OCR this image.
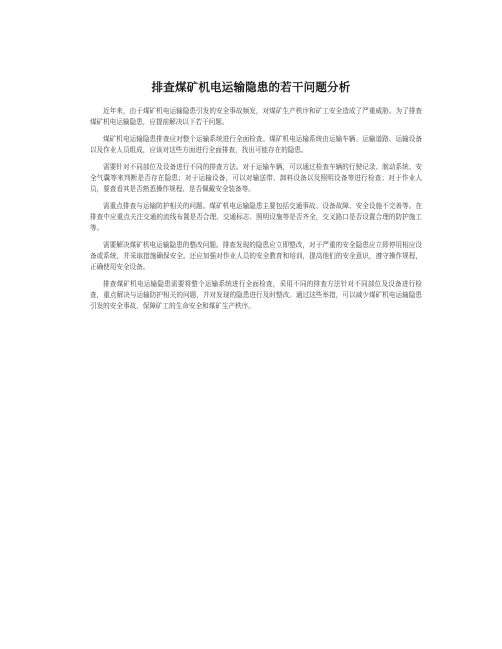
排查煤矿机电运输隐患的若干问题分析

近年来，由于煤矿机电运输隐患引发的安全事故频发，对煤矿生产秩序和矿工安全造成了严重威胁。为了排查煤矿机电运输隐患，应提前解决以下若干问题。

煤矿机电运输隐患排查应对整个运输系统进行全面检查。煤矿机电运输系统由运输车辆、运输道路、运输设备以及作业人员组成，应该对这些方面进行全面排查，找出可能存在的隐患。

需要针对不同部位及设备进行不同的排查方法。对于运输车辆，可以通过检查车辆的行驶记录、制动系统、安全气囊等来判断是否存在隐患；对于运输设备，可以对输送带、卸料设备以及照明设备等进行检查；对于作业人员，要查看其是否熟悉操作规程、是否佩戴安全装备等。

需重点排查与运输防护相关的问题。煤矿机电运输隐患主要包括交通事故、设备故障、安全设施不完善等。在排查中应重点关注交通的流线布置是否合理、交通标志、照明设施等是否齐全，交叉路口是否设置合理的防护施工等。

需要解决煤矿机电运输隐患的整改问题。排查发现的隐患应立即整改，对于严重的安全隐患应立即停用相应设备或系统，并采取措施确保安全。还应加强对作业人员的安全教育和培训，提高他们的安全意识，遵守操作规程，正确使用安全设备。

排查煤矿机电运输隐患需要将整个运输系统进行全面检查，采用不同的排查方法针对不同部位及设备进行检查，重点解决与运输防护相关的问题，并对发现的隐患进行及时整改。通过这些举措，可以减少煤矿机电运输隐患引发的安全事故，保障矿工的生命安全和煤矿生产秩序。
